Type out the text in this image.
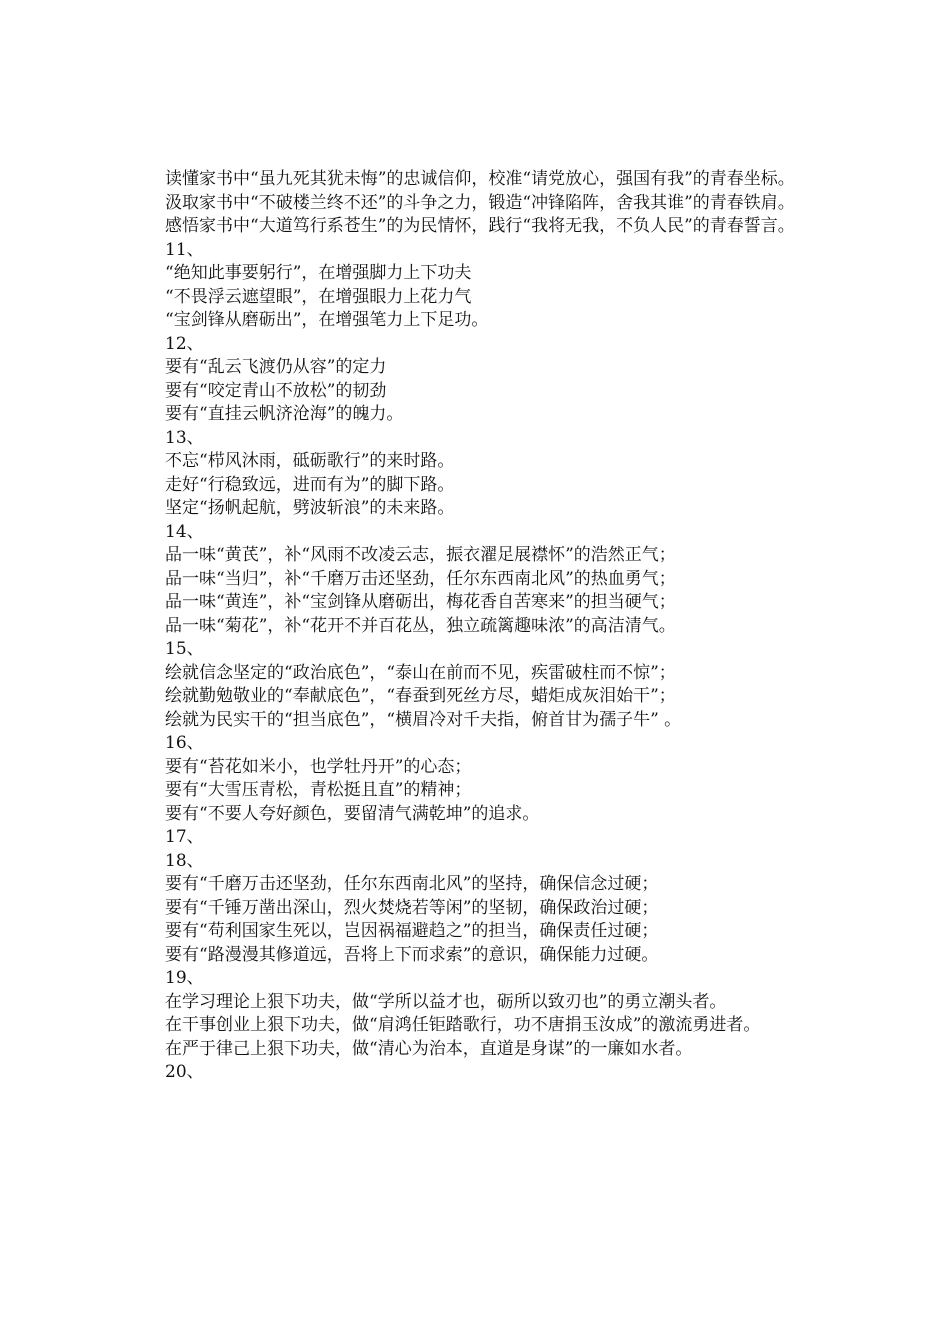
读懂家书中“虽九死其犹未悔”的忠诚信仰，校准“请党放心，强国有我”的青春坐标。

汲取家书中“不破楼兰终不还”的斗争之力，锻造“冲锋陷阵，舍我其谁”的青春铁肩。

感悟家书中“大道笃行系苍生”的为民情怀，践行“我将无我，不负人民”的青春誓言。

11、

“绝知此事要躬行”，在增强脚力上下功夫

“不畏浮云遮望眼”，在增强眼力上花力气

“宝剑锋从磨砺出”，在增强笔力上下足功。

12、

要有“乱云飞渡仍从容”的定力

要有“咬定青山不放松”的韧劲

要有“直挂云帆济沧海”的魄力。

13、

不忘“栉风沐雨，砥砺歌行”的来时路。

走好“行稳致远，进而有为”的脚下路。

坚定“扬帆起航，劈波斩浪”的未来路。

14、

品一味“黄芪”，补“风雨不改凌云志，振衣濯足展襟怀”的浩然正气；

品一味“当归”，补“千磨万击还坚劲，任尔东西南北风”的热血勇气；

品一味“黄连”，补“宝剑锋从磨砺出，梅花香自苦寒来”的担当硬气；

品一味“菊花”，补“花开不并百花丛，独立疏篱趣味浓”的高洁清气。

15、

绘就信念坚定的“政治底色”，“泰山在前而不见，疾雷破柱而不惊”；

绘就勤勉敬业的“奉献底色”，“春蚕到死丝方尽，蜡炬成灰泪始干”；

绘就为民实干的“担当底色”，“横眉冷对千夫指，俯首甘为孺子牛” 。

16、

要有“苔花如米小，也学牡丹开”的心态；

要有“大雪压青松，青松挺且直”的精神；

要有“不要人夸好颜色，要留清气满乾坤”的追求。

17、

18、

要有“千磨万击还坚劲，任尔东西南北风”的坚持，确保信念过硬；

要有“千锤万凿出深山，烈火焚烧若等闲”的坚韧，确保政治过硬；

要有“苟利国家生死以，岂因祸福避趋之”的担当，确保责任过硬；

要有“路漫漫其修道远，吾将上下而求索”的意识，确保能力过硬。

19、

在学习理论上狠下功夫，做“学所以益才也，砺所以致刃也”的勇立潮头者。

在干事创业上狠下功夫，做“肩鸿任钜踏歌行，功不唐捐玉汝成”的激流勇进者。

在严于律己上狠下功夫，做“清心为治本，直道是身谋”的一廉如水者。

20、
